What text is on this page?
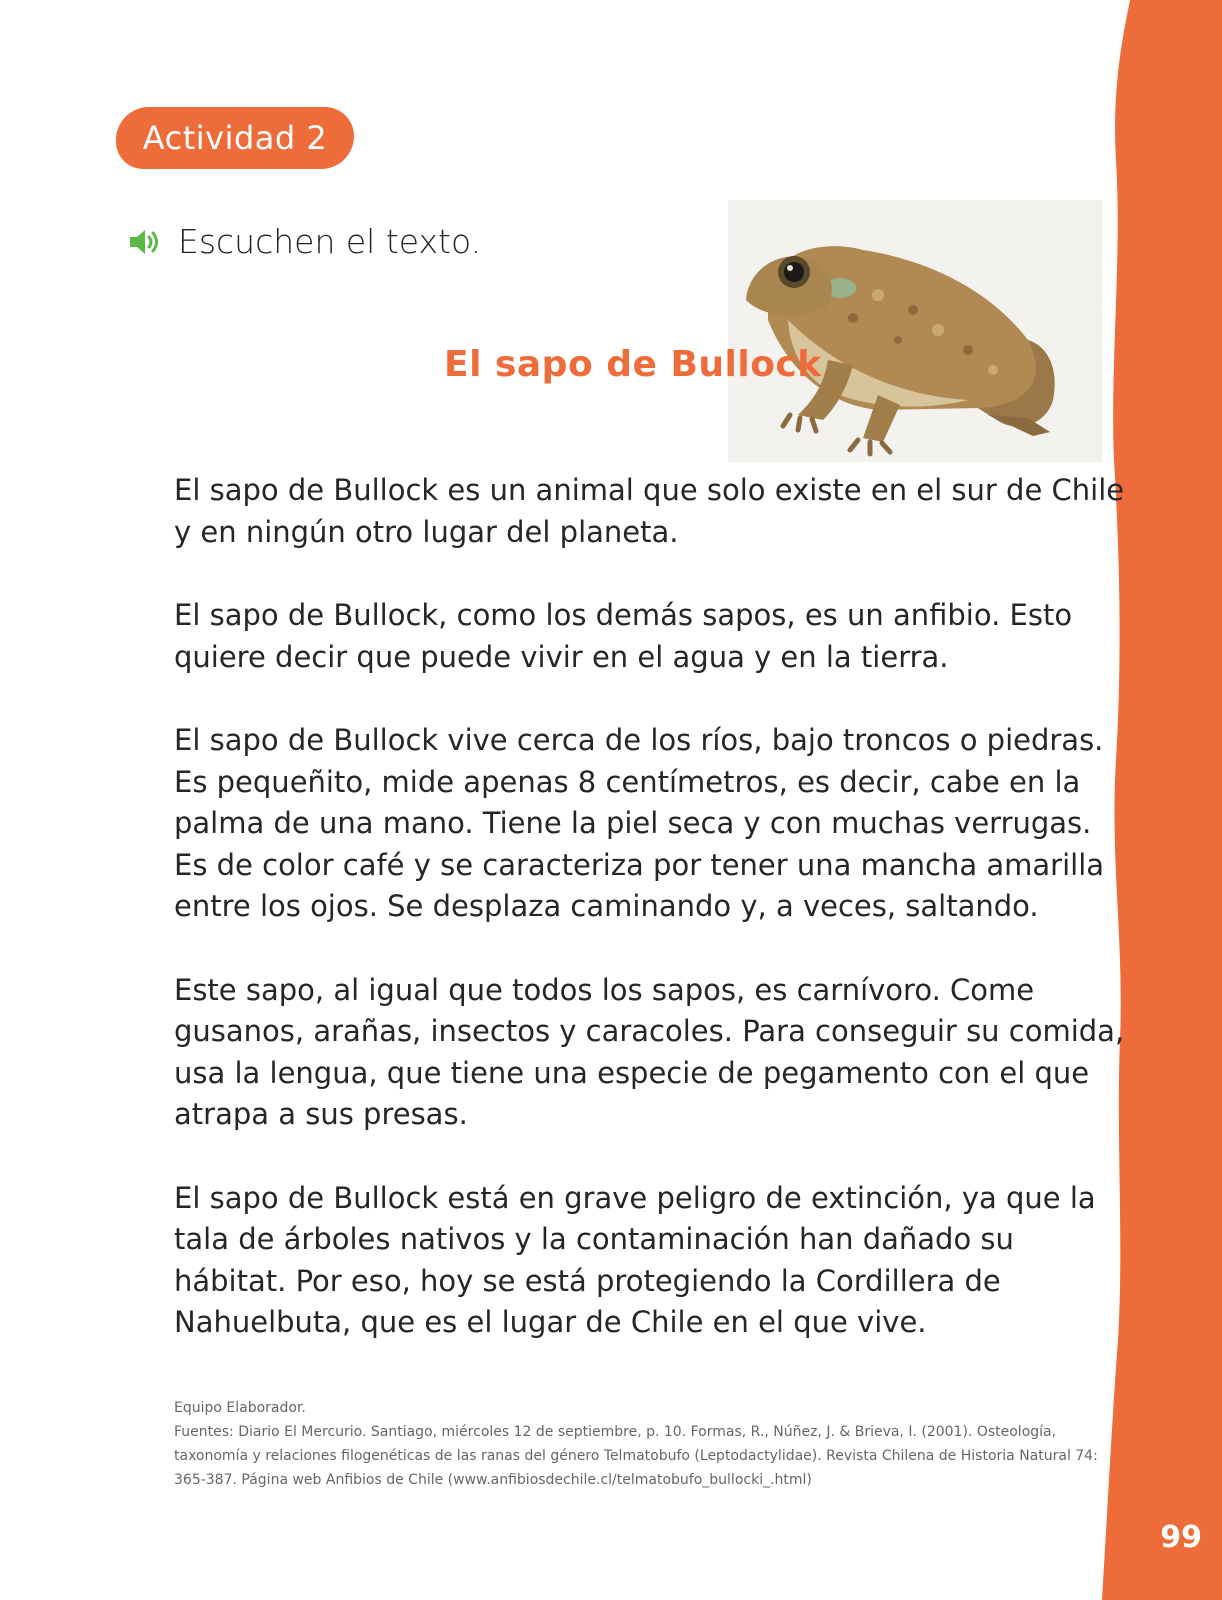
99
Actividad 2
Escuchen el texto.
El sapo de Bullock

El sapo de Bullock es un animal que solo existe en el sur de Chile y en ningún otro lugar del planeta.

El sapo de Bullock, como los demás sapos, es un anfibio. Esto quiere decir que puede vivir en el agua y en la tierra.

El sapo de Bullock vive cerca de los ríos, bajo troncos o piedras. Es pequeñito, mide apenas 8 centímetros, es decir, cabe en la palma de una mano. Tiene la piel seca y con muchas verrugas. Es de color café y se caracteriza por tener una mancha amarilla entre los ojos. Se desplaza caminando y, a veces, saltando.

Este sapo, al igual que todos los sapos, es carnívoro. Come gusanos, arañas, insectos y caracoles. Para conseguir su comida, usa la lengua, que tiene una especie de pegamento con el que atrapa a sus presas.

El sapo de Bullock está en grave peligro de extinción, ya que la tala de árboles nativos y la contaminación han dañado su hábitat. Por eso, hoy se está protegiendo la Cordillera de Nahuelbuta, que es el lugar de Chile en el que vive.

Equipo Elaborador.

Fuentes: Diario El Mercurio. Santiago, miércoles 12 de septiembre, p. 10. Formas, R., Núñez, J. & Brieva, I. (2001). Osteología, taxonomía y relaciones filogenéticas de las ranas del género Telmatobufo (Leptodactylidae). Revista Chilena de Historia Natural 74: 365-387. Página web Anfibios de Chile (www.anfibiosdechile.cl/telmatobufo_bullocki_.html)
